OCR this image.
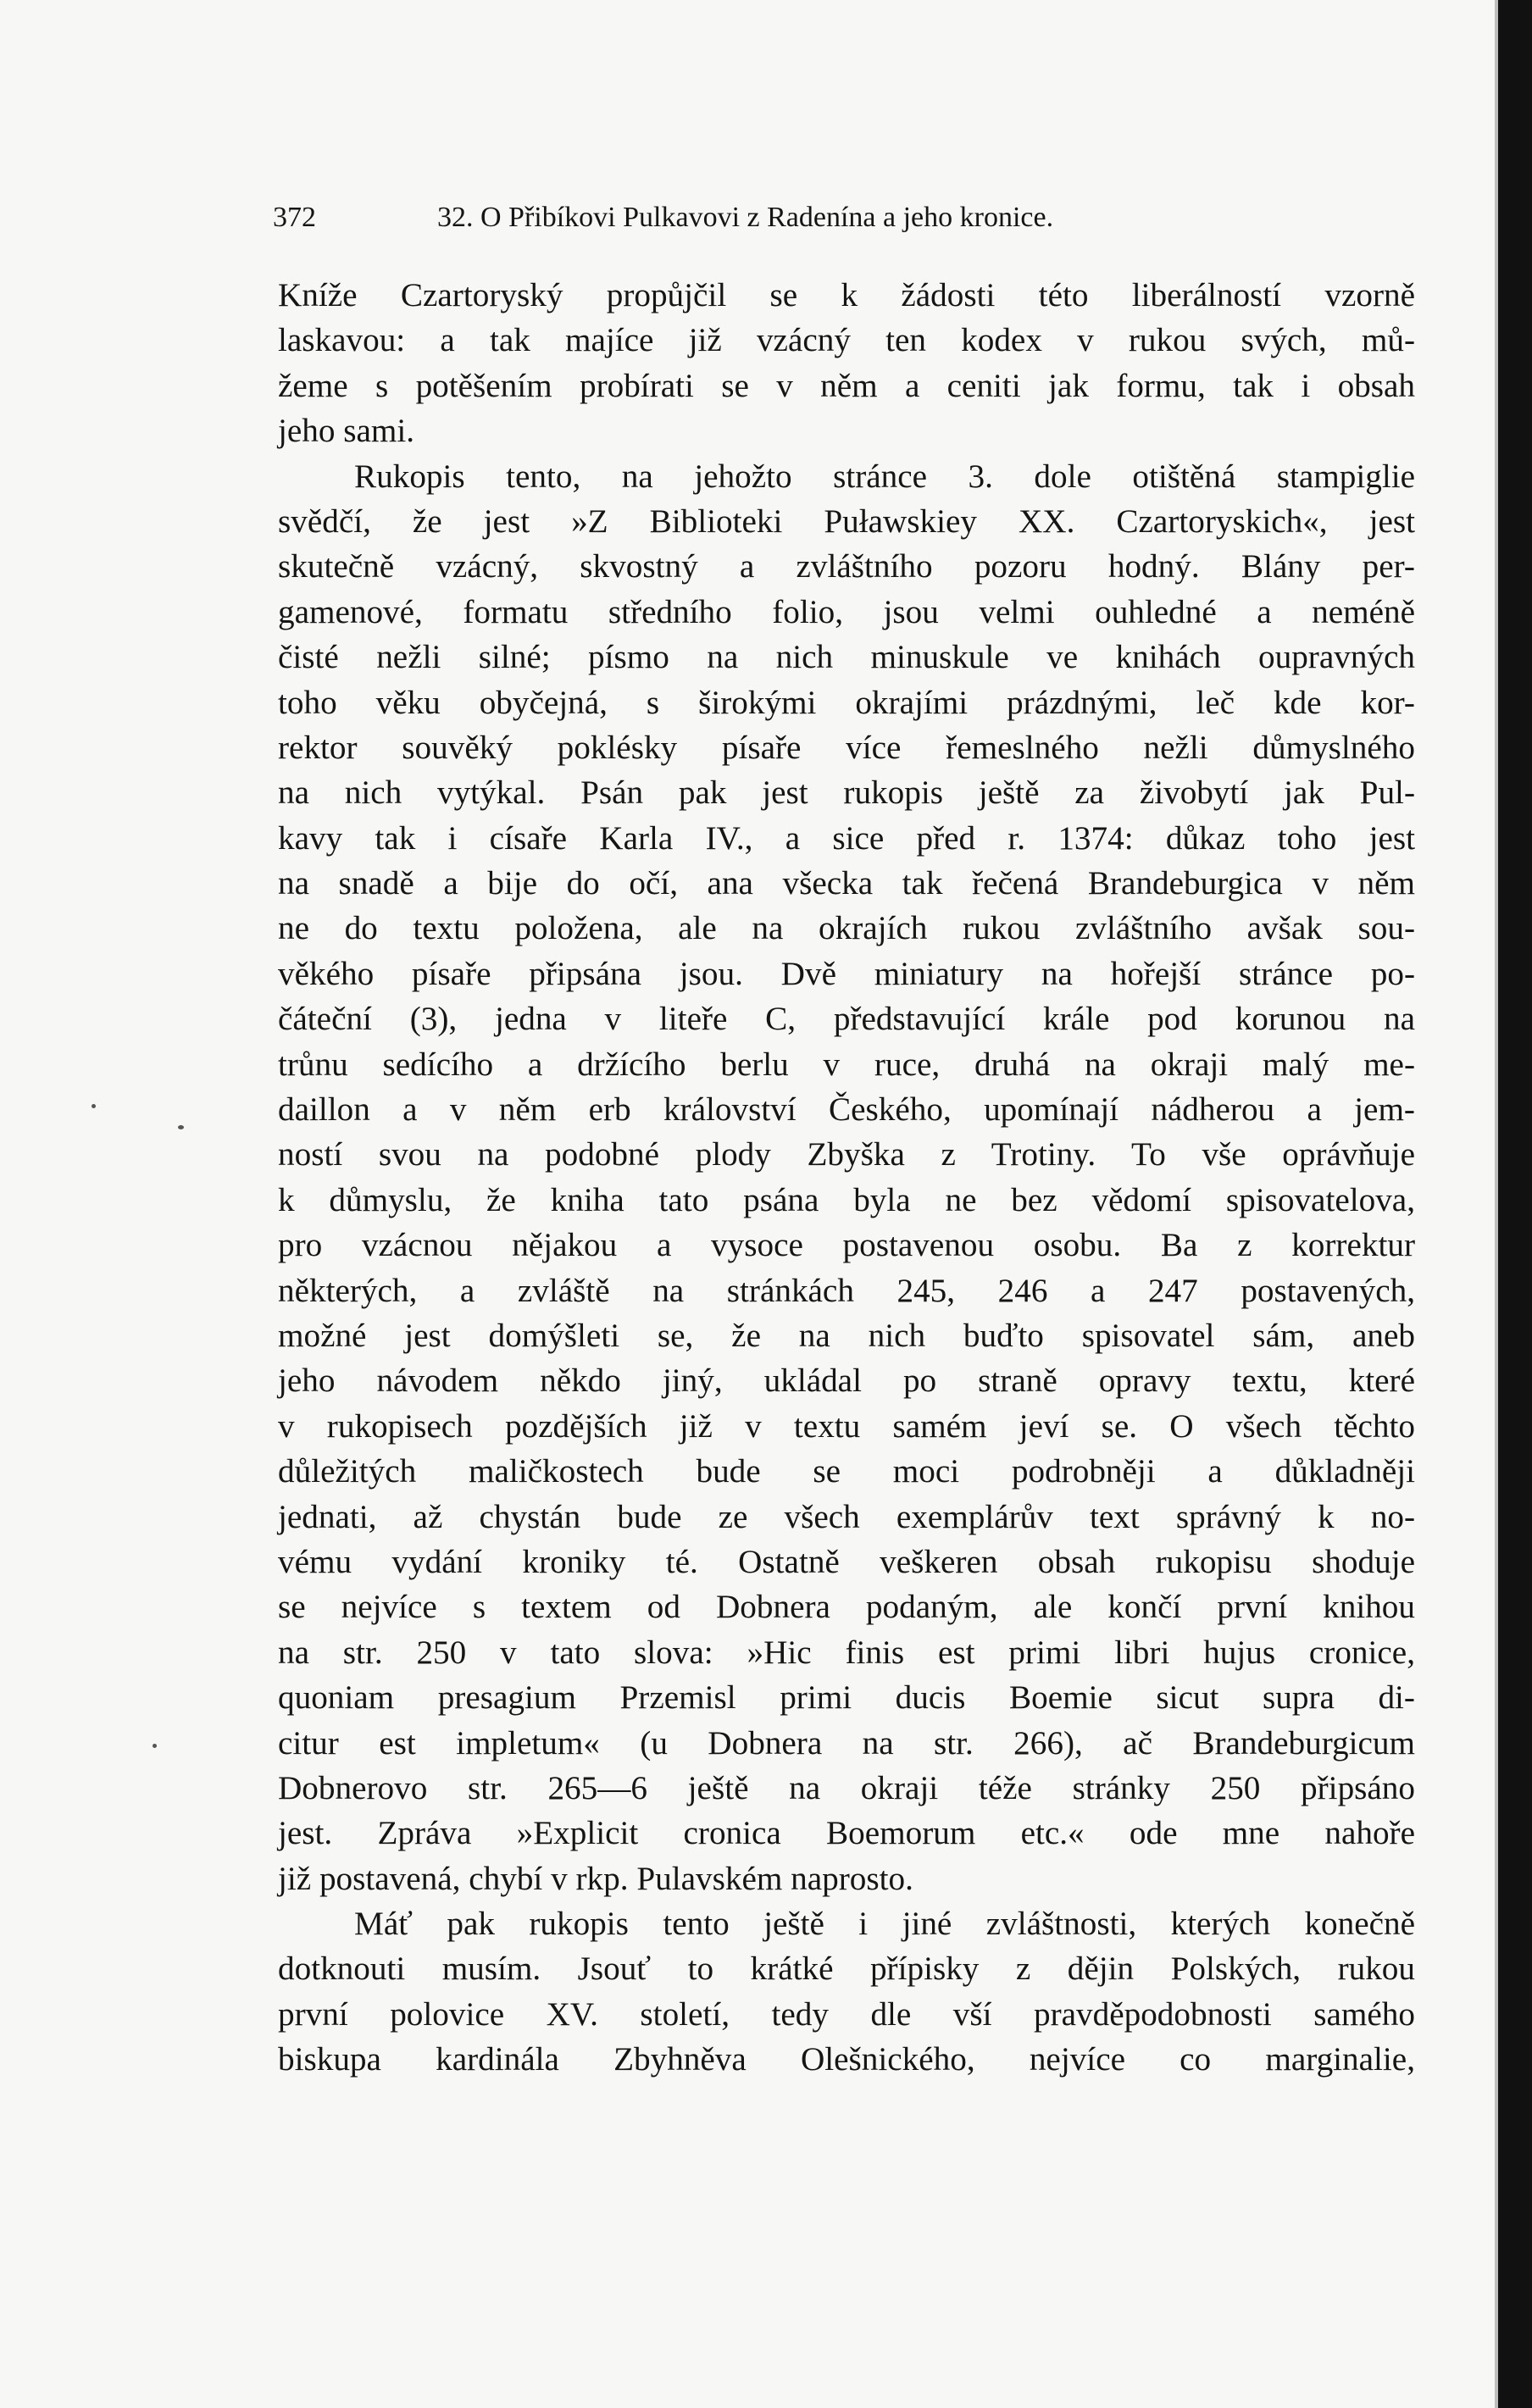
372	32. O Přibíkovi Pulkavovi z Radenína a jeho kronice.
Kníže Czartoryský propůjčil se k žádosti této liberálností vzorně
laskavou: a tak majíce již vzácný ten kodex v rukou svých, mů-
žeme s potěšením probírati se v něm a ceniti jak formu, tak i obsah
jeho sami.
Rukopis tento, na jehožto stránce 3. dole otištěná stampiglie
svědčí, že jest »Z Biblioteki Puławskiey XX. Czartoryskich«, jest
skutečně vzácný, skvostný a zvláštního pozoru hodný. Blány per-
gamenové, formatu středního folio, jsou velmi ouhledné a neméně
čisté nežli silné; písmo na nich minuskule ve knihách oupravných
toho věku obyčejná, s širokými okrajími prázdnými, leč kde kor-
rektor souvěký poklésky písaře více řemeslného nežli důmyslného
na nich vytýkal. Psán pak jest rukopis ještě za živobytí jak Pul-
kavy tak i císaře Karla IV., a sice před r. 1374: důkaz toho jest
na snadě a bije do očí, ana všecka tak řečená Brandeburgica v něm
ne do textu položena, ale na okrajích rukou zvláštního avšak sou-
věkého písaře připsána jsou. Dvě miniatury na hořejší stránce po-
čáteční (3), jedna v liteře C, představující krále pod korunou na
trůnu sedícího a držícího berlu v ruce, druhá na okraji malý me-
daillon a v něm erb království Českého, upomínají nádherou a jem-
ností svou na podobné plody Zbyška z Trotiny. To vše oprávňuje
k důmyslu, že kniha tato psána byla ne bez vědomí spisovatelova,
pro vzácnou nějakou a vysoce postavenou osobu. Ba z korrektur
některých, a zvláště na stránkách 245, 246 a 247 postavených,
možné jest domýšleti se, že na nich buďto spisovatel sám, aneb
jeho návodem někdo jiný, ukládal po straně opravy textu, které
v rukopisech pozdějších již v textu samém jeví se. O všech těchto
důležitých maličkostech bude se moci podrobněji a důkladněji
jednati, až chystán bude ze všech exemplárův text správný k no-
vému vydání kroniky té. Ostatně veškeren obsah rukopisu shoduje
se nejvíce s textem od Dobnera podaným, ale končí první knihou
na str. 250 v tato slova: »Hic finis est primi libri hujus cronice,
quoniam presagium Przemisl primi ducis Boemie sicut supra di-
citur est impletum« (u Dobnera na str. 266), ač Brandeburgicum
Dobnerovo str. 265—6 ještě na okraji téže stránky 250 připsáno
jest. Zpráva »Explicit cronica Boemorum etc.« ode mne nahoře
již postavená, chybí v rkp. Pulavském naprosto.
Máť pak rukopis tento ještě i jiné zvláštnosti, kterých konečně
dotknouti musím. Jsouť to krátké přípisky z dějin Polských, rukou
první polovice XV. století, tedy dle vší pravděpodobnosti samého
biskupa kardinála Zbyhněva Olešnického, nejvíce co marginalie,
